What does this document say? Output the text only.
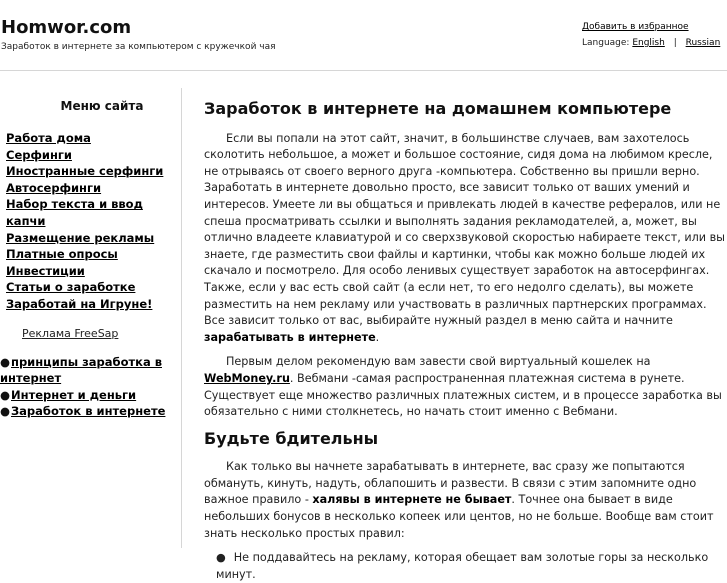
Homwor.com
Заработок в интернете за компьютером с кружечкой чая
Добавить в избранное
Language: English | Russian
Меню сайта
Работа дома
Серфинги
Иностранные серфинги
Автосерфинги
Набор текста и ввод капчи
Размещение рекламы
Платные опросы
Инвестиции
Статьи о заработке
Заработай на Игруне!
Реклама FreeSap
● принципы заработка в интернет
● Интернет и деньги
● Заработок в интернете
Заработок в интернете на домашнем компьютере

Если вы попали на этот сайт, значит, в большинстве случаев, вам захотелось сколотить небольшое, а может и большое состояние, сидя дома на любимом кресле, не отрываясь от своего верного друга -компьютера. Собственно вы пришли верно. Заработать в интернете довольно просто, все зависит только от ваших умений и интересов. Умеете ли вы общаться и привлекать людей в качестве рефералов, или не спеша просматривать ссылки и выполнять задания рекламодателей, а, может, вы отлично владеете клавиатурой и со сверхзвуковой скоростью набираете текст, или вы знаете, где разместить свои файлы и картинки, чтобы как можно больше людей их скачало и посмотрело. Для особо ленивых существует заработок на автосерфингах. Также, если у вас есть свой сайт (а если нет, то его недолго сделать), вы можете разместить на нем рекламу или участвовать в различных партнерских программах. Все зависит только от вас, выбирайте нужный раздел в меню сайта и начните зарабатывать в интернете.

Первым делом рекомендую вам завести свой виртуальный кошелек на WebMoney.ru. Вебмани -самая распространенная платежная система в рунете. Существует еще множество различных платежных систем, и в процессе заработка вы обязательно с ними столкнетесь, но начать стоит именно с Вебмани.

Будьте бдительны

Как только вы начнете зарабатывать в интернете, вас сразу же попытаются обмануть, кинуть, надуть, облапошить и развести. В связи с этим запомните одно важное правило - халявы в интернете не бывает. Точнее она бывает в виде небольших бонусов в несколько копеек или центов, но не больше. Вообще вам стоит знать несколько простых правил:

● Не поддавайтесь на рекламу, которая обещает вам золотые горы за несколько минут.
